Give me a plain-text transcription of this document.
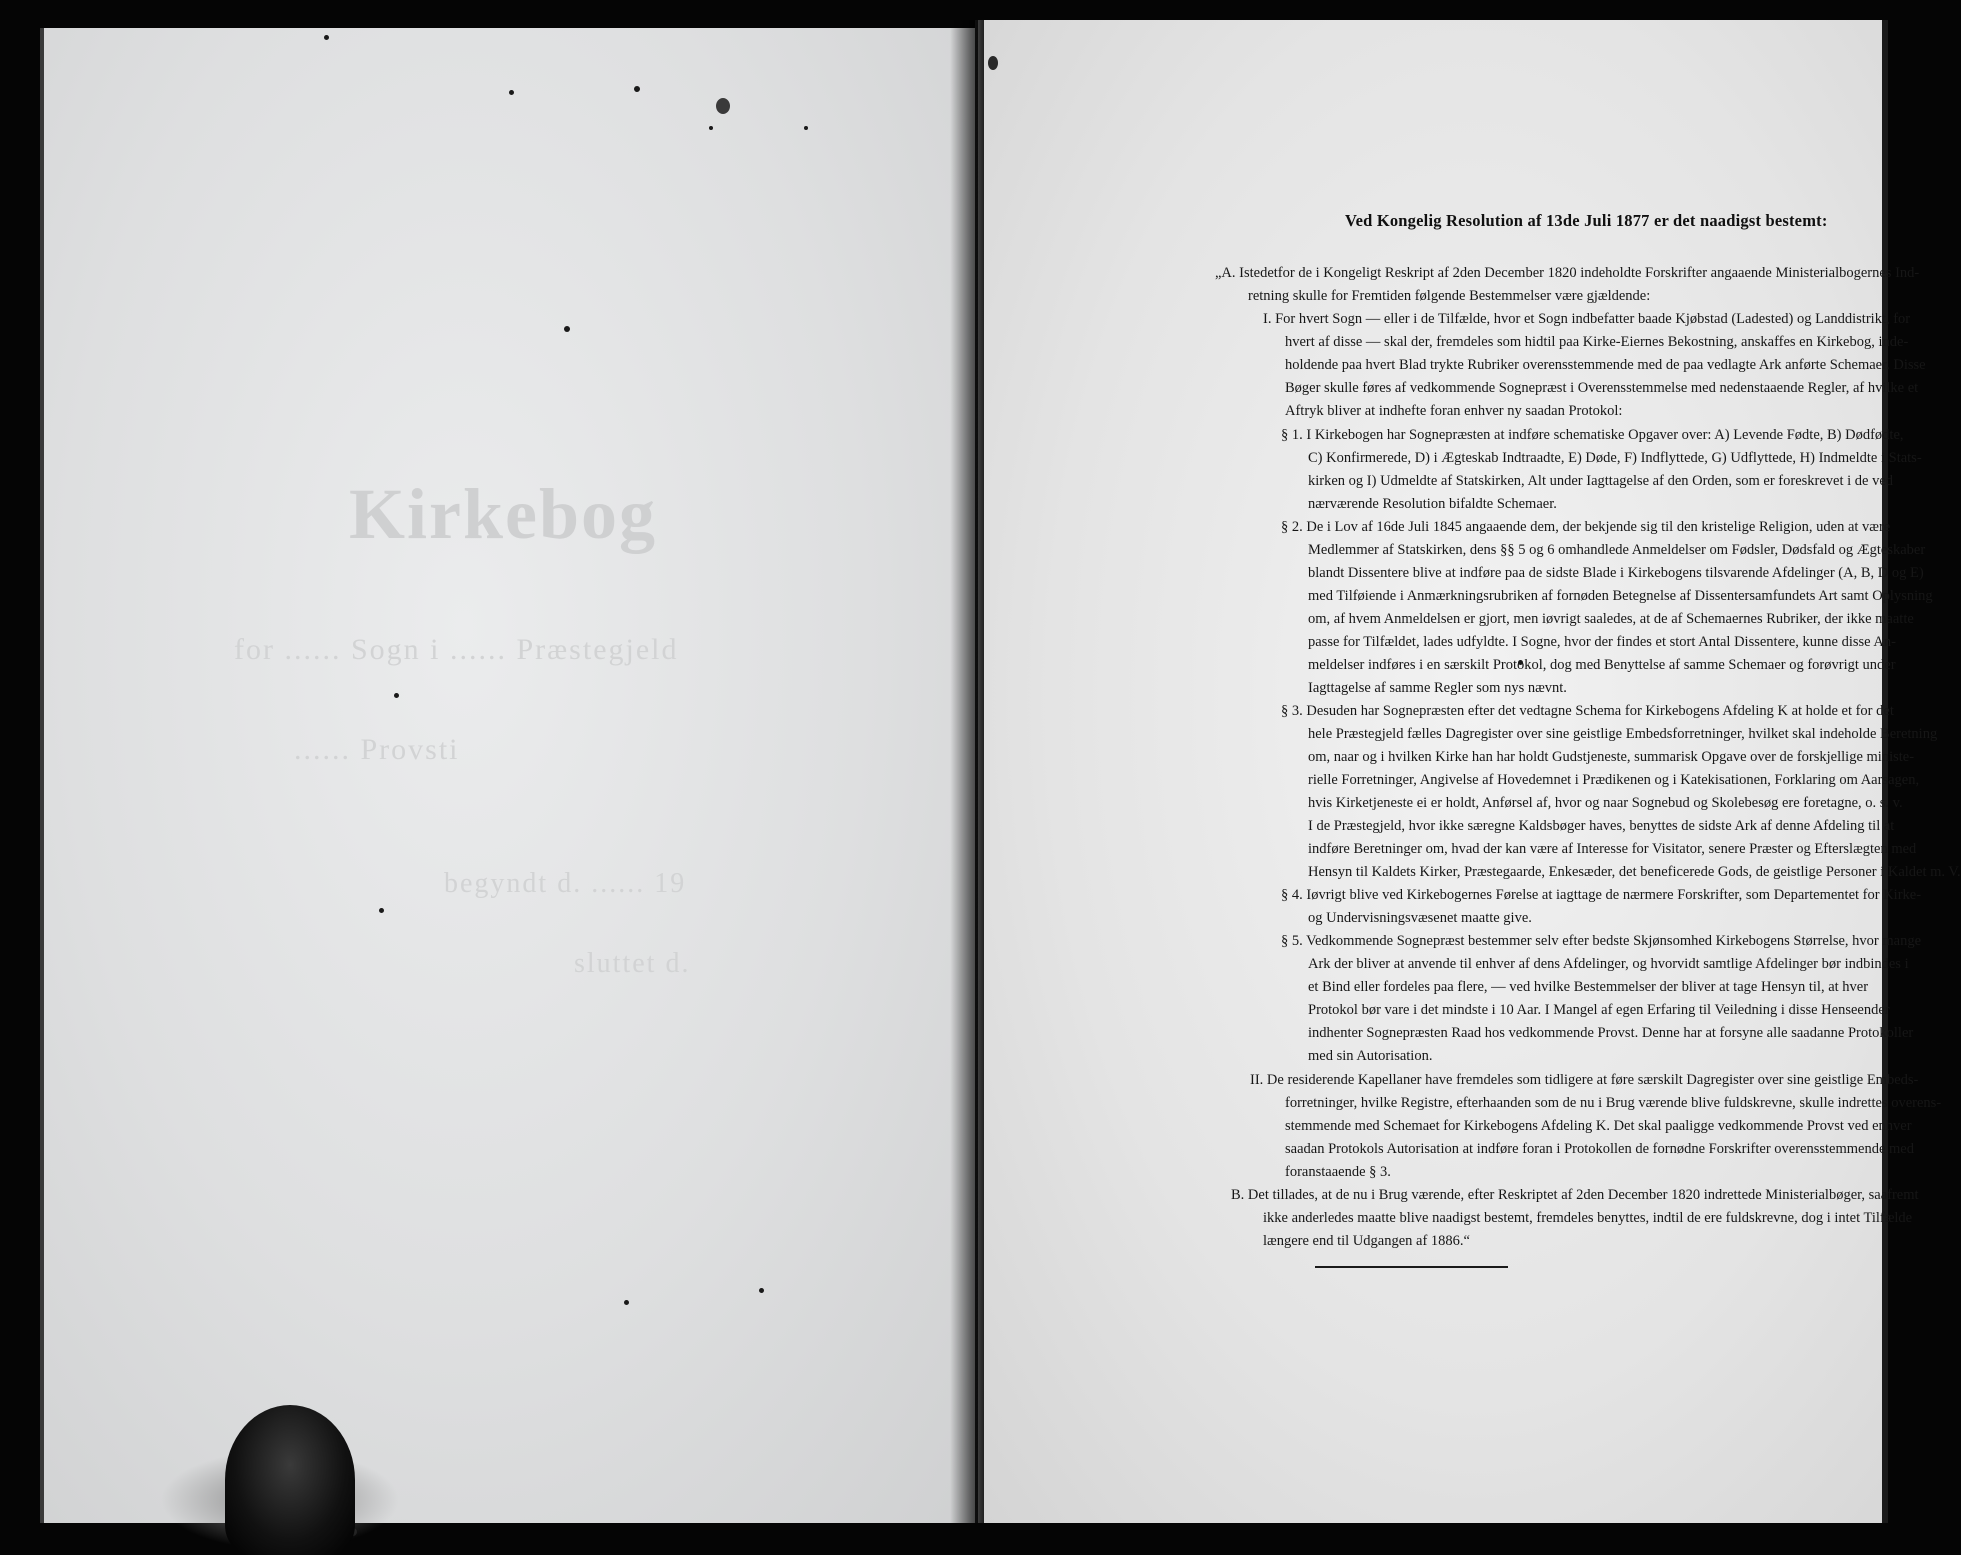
Kirkebog
for ...... Sogn i ...... Præstegjeld
...... Provsti
begyndt d. ...... 19
sluttet d.
Ved Kongelig Resolution af 13de Juli 1877 er det naadigst bestemt:
„A. Istedetfor de i Kongeligt Reskript af 2den December 1820 indeholdte Forskrifter angaaende Ministerialbogernes Ind-
retning skulle for Fremtiden følgende Bestemmelser være gjældende:
I. For hvert Sogn — eller i de Tilfælde, hvor et Sogn indbefatter baade Kjøbstad (Ladested) og Landdistrikt, for
hvert af disse — skal der, fremdeles som hidtil paa Kirke-Eiernes Bekostning, anskaffes en Kirkebog, inde-
holdende paa hvert Blad trykte Rubriker overensstemmende med de paa vedlagte Ark anførte Schemaer. Disse
Bøger skulle føres af vedkommende Sognepræst i Overensstemmelse med nedenstaaende Regler, af hvilke et
Aftryk bliver at indhefte foran enhver ny saadan Protokol:
§ 1. I Kirkebogen har Sognepræsten at indføre schematiske Opgaver over: A) Levende Fødte, B) Dødfødte,
C) Konfirmerede, D) i Ægteskab Indtraadte, E) Døde, F) Indflyttede, G) Udflyttede, H) Indmeldte i Stats-
kirken og I) Udmeldte af Statskirken, Alt under Iagttagelse af den Orden, som er foreskrevet i de ved
nærværende Resolution bifaldte Schemaer.
§ 2. De i Lov af 16de Juli 1845 angaaende dem, der bekjende sig til den kristelige Religion, uden at være
Medlemmer af Statskirken, dens §§ 5 og 6 omhandlede Anmeldelser om Fødsler, Dødsfald og Ægteskaber
blandt Dissentere blive at indføre paa de sidste Blade i Kirkebogens tilsvarende Afdelinger (A, B, D og E)
med Tilføiende i Anmærkningsrubriken af fornøden Betegnelse af Dissentersamfundets Art samt Oplysning
om, af hvem Anmeldelsen er gjort, men iøvrigt saaledes, at de af Schemaernes Rubriker, der ikke maatte
passe for Tilfældet, lades udfyldte. I Sogne, hvor der findes et stort Antal Dissentere, kunne disse An-
meldelser indføres i en særskilt Protokol, dog med Benyttelse af samme Schemaer og forøvrigt under
Iagttagelse af samme Regler som nys nævnt.
§ 3. Desuden har Sognepræsten efter det vedtagne Schema for Kirkebogens Afdeling K at holde et for det
hele Præstegjeld fælles Dagregister over sine geistlige Embedsforretninger, hvilket skal indeholde Beretning
om, naar og i hvilken Kirke han har holdt Gudstjeneste, summarisk Opgave over de forskjellige ministe-
rielle Forretninger, Angivelse af Hovedemnet i Prædikenen og i Katekisationen, Forklaring om Aarsagen,
hvis Kirketjeneste ei er holdt, Anførsel af, hvor og naar Sognebud og Skolebesøg ere foretagne, o. s. v.
I de Præstegjeld, hvor ikke særegne Kaldsbøger haves, benyttes de sidste Ark af denne Afdeling til at
indføre Beretninger om, hvad der kan være af Interesse for Visitator, senere Præster og Efterslægten med
Hensyn til Kaldets Kirker, Præstegaarde, Enkesæder, det beneficerede Gods, de geistlige Personer i Kaldet m. V.
§ 4. Iøvrigt blive ved Kirkebogernes Førelse at iagttage de nærmere Forskrifter, som Departementet for Kirke-
og Undervisningsvæsenet maatte give.
§ 5. Vedkommende Sognepræst bestemmer selv efter bedste Skjønsomhed Kirkebogens Størrelse, hvor mange
Ark der bliver at anvende til enhver af dens Afdelinger, og hvorvidt samtlige Afdelinger bør indbindes i
et Bind eller fordeles paa flere, — ved hvilke Bestemmelser der bliver at tage Hensyn til, at hver
Protokol bør vare i det mindste i 10 Aar. I Mangel af egen Erfaring til Veiledning i disse Henseender
indhenter Sognepræsten Raad hos vedkommende Provst. Denne har at forsyne alle saadanne Protokoller
med sin Autorisation.
II. De residerende Kapellaner have fremdeles som tidligere at føre særskilt Dagregister over sine geistlige Embeds-
forretninger, hvilke Registre, efterhaanden som de nu i Brug værende blive fuldskrevne, skulle indrettes overens-
stemmende med Schemaet for Kirkebogens Afdeling K. Det skal paaligge vedkommende Provst ved enhver
saadan Protokols Autorisation at indføre foran i Protokollen de fornødne Forskrifter overensstemmende med
foranstaaende § 3.
B. Det tillades, at de nu i Brug værende, efter Reskriptet af 2den December 1820 indrettede Ministerialbøger, saafremt
ikke anderledes maatte blive naadigst bestemt, fremdeles benyttes, indtil de ere fuldskrevne, dog i intet Tilfælde
længere end til Udgangen af 1886.“
